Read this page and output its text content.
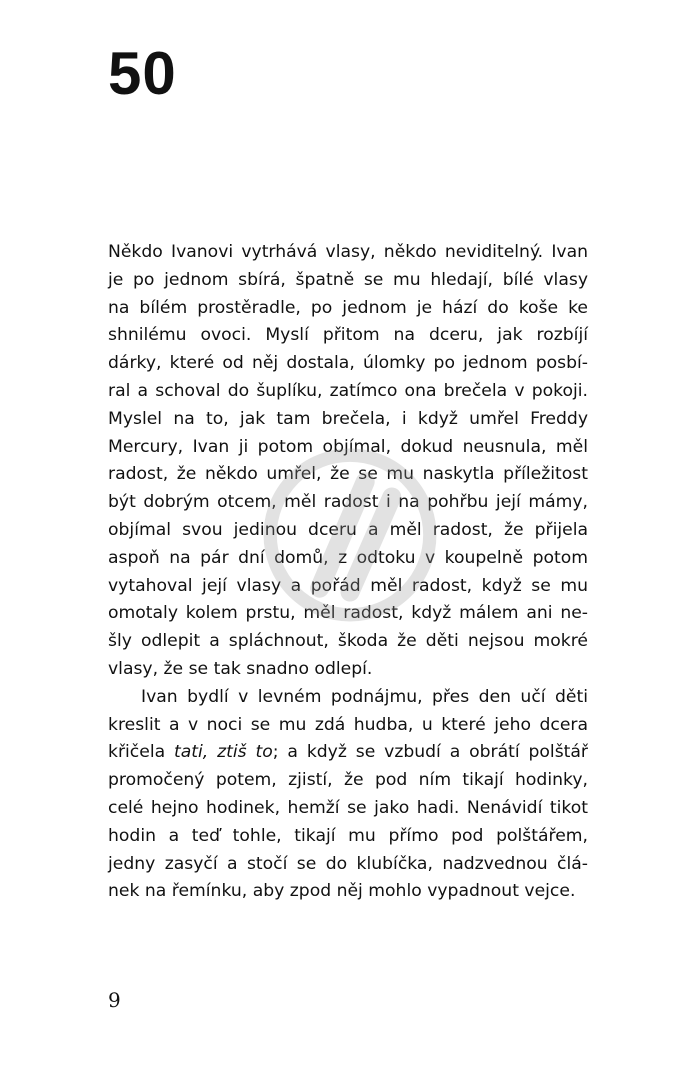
50

Někdo Ivanovi vytrhává vlasy, někdo neviditelný. Ivan
je po jednom sbírá, špatně se mu hledají, bílé vlasy
na bílém prostěradle, po jednom je hází do koše ke
shnilému ovoci. Myslí přitom na dceru, jak rozbíjí
dárky, které od něj dostala, úlomky po jednom posbí-
ral a schoval do šuplíku, zatímco ona brečela v pokoji.
Myslel na to, jak tam brečela, i když umřel Freddy
Mercury, Ivan ji potom objímal, dokud neusnula, měl
radost, že někdo umřel, že se mu naskytla příležitost
být dobrým otcem, měl radost i na pohřbu její mámy,
objímal svou jedinou dceru a měl radost, že přijela
aspoň na pár dní domů, z odtoku v koupelně potom
vytahoval její vlasy a pořád měl radost, když se mu
omotaly kolem prstu, měl radost, když málem ani ne-
šly odlepit a spláchnout, škoda že děti nejsou mokré
vlasy, že se tak snadno odlepí.

Ivan bydlí v levném podnájmu, přes den učí děti
kreslit a v noci se mu zdá hudba, u které jeho dcera
křičela tati, ztiš to; a když se vzbudí a obrátí polštář
promočený potem, zjistí, že pod ním tikají hodinky,
celé hejno hodinek, hemží se jako hadi. Nenávidí tikot
hodin a teď tohle, tikají mu přímo pod polštářem,
jedny zasyčí a stočí se do klubíčka, nadzvednou člá-
nek na řemínku, aby zpod něj mohlo vypadnout vejce.

9
